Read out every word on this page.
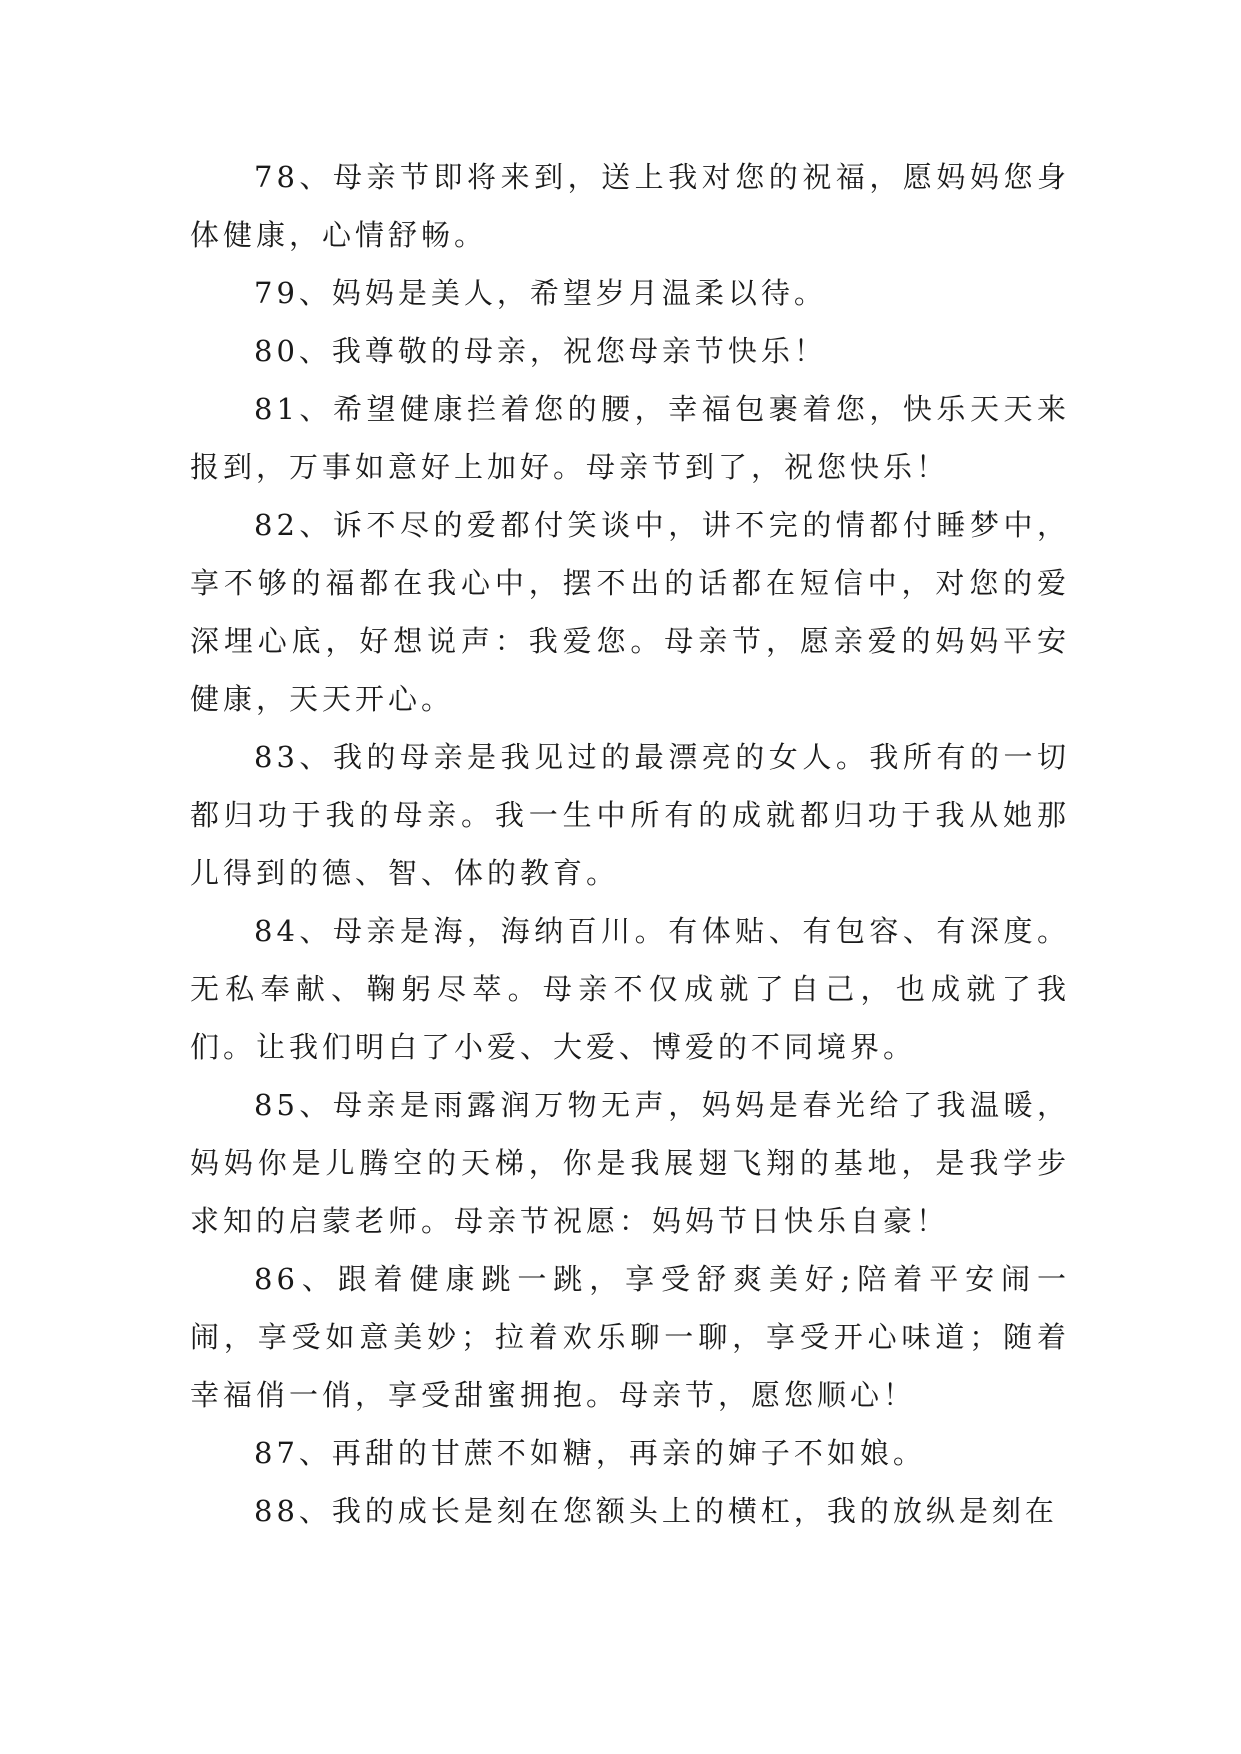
78、母亲节即将来到，送上我对您的祝福，愿妈妈您身体健康，心情舒畅。

79、妈妈是美人，希望岁月温柔以待。

80、我尊敬的母亲，祝您母亲节快乐！

81、希望健康拦着您的腰，幸福包裹着您，快乐天天来报到，万事如意好上加好。母亲节到了，祝您快乐！

82、诉不尽的爱都付笑谈中，讲不完的情都付睡梦中，享不够的福都在我心中，摆不出的话都在短信中，对您的爱深埋心底，好想说声：我爱您。母亲节，愿亲爱的妈妈平安健康，天天开心。

83、我的母亲是我见过的最漂亮的女人。我所有的一切都归功于我的母亲。我一生中所有的成就都归功于我从她那儿得到的德、智、体的教育。

84、母亲是海，海纳百川。有体贴、有包容、有深度。无私奉献、鞠躬尽萃。母亲不仅成就了自己，也成就了我们。让我们明白了小爱、大爱、博爱的不同境界。

85、母亲是雨露润万物无声，妈妈是春光给了我温暖，妈妈你是儿腾空的天梯，你是我展翅飞翔的基地，是我学步求知的启蒙老师。母亲节祝愿：妈妈节日快乐自豪！

86、跟着健康跳一跳，享受舒爽美好;陪着平安闹一闹，享受如意美妙；拉着欢乐聊一聊，享受开心味道；随着幸福俏一俏，享受甜蜜拥抱。母亲节，愿您顺心！

87、再甜的甘蔗不如糖，再亲的婶子不如娘。

88、我的成长是刻在您额头上的横杠，我的放纵是刻在
